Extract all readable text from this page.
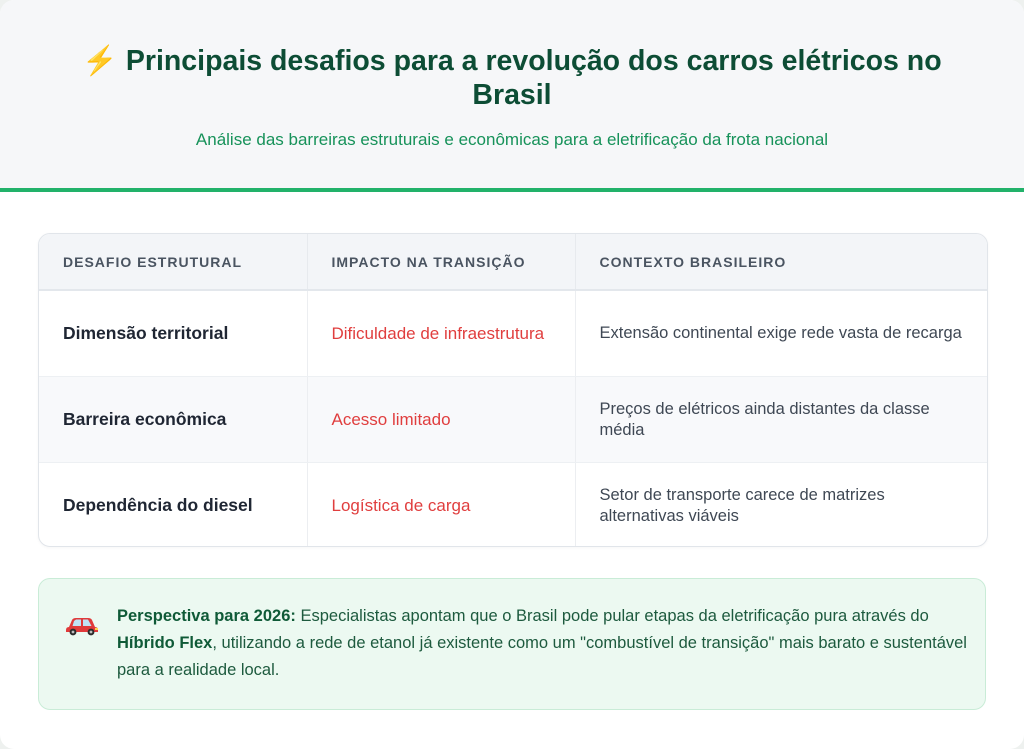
⚡ Principais desafios para a revolução dos carros elétricos no Brasil
Análise das barreiras estruturais e econômicas para a eletrificação da frota nacional
DESAFIO ESTRUTURAL	IMPACTO NA TRANSIÇÃO	CONTEXTO BRASILEIRO
Dimensão territorial	Dificuldade de infraestrutura	Extensão continental exige rede vasta de recarga
Barreira econômica	Acesso limitado	Preços de elétricos ainda distantes da classe média
Dependência do diesel	Logística de carga	Setor de transporte carece de matrizes alternativas viáveis
Perspectiva para 2026: Especialistas apontam que o Brasil pode pular etapas da eletrificação pura através do Híbrido Flex, utilizando a rede de etanol já existente como um "combustível de transição" mais barato e sustentável para a realidade local.
